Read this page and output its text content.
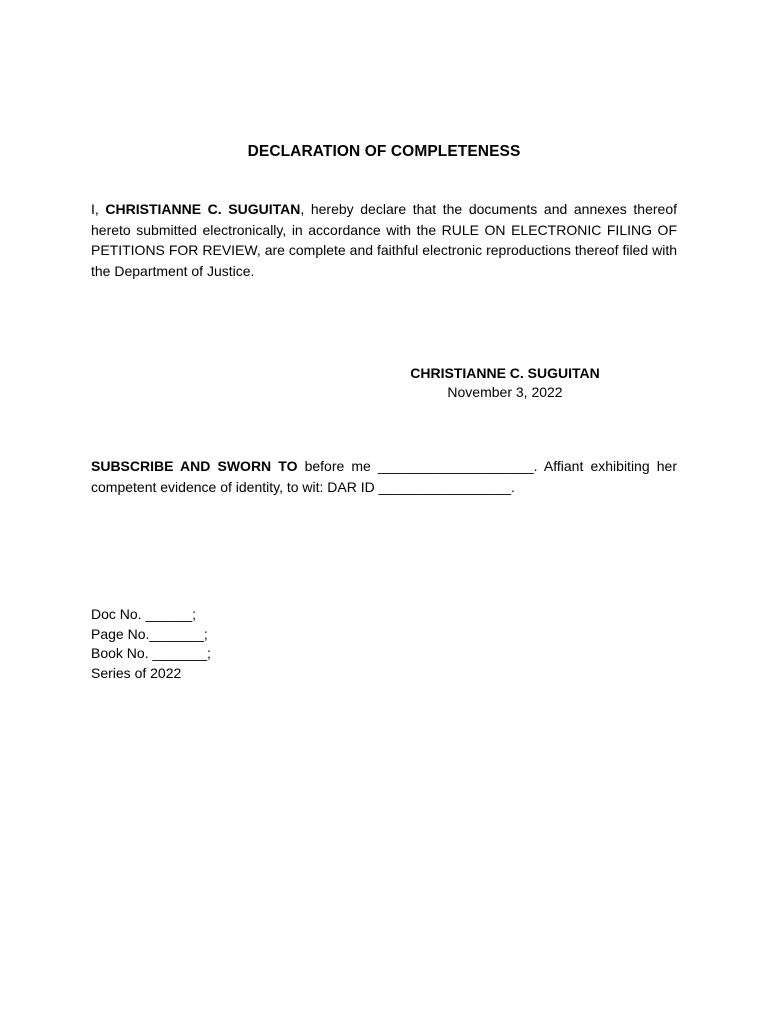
DECLARATION OF COMPLETENESS
I, CHRISTIANNE C. SUGUITAN, hereby declare that the documents and annexes thereof hereto submitted electronically, in accordance with the RULE ON ELECTRONIC FILING OF PETITIONS FOR REVIEW, are complete and faithful electronic reproductions thereof filed with the Department of Justice.
CHRISTIANNE C. SUGUITAN
November 3, 2022
SUBSCRIBE AND SWORN TO before me ____________________. Affiant exhibiting her competent evidence of identity, to wit: DAR ID _________________.
Doc No. ______;
Page No._______;
Book No. _______;
Series of 2022
